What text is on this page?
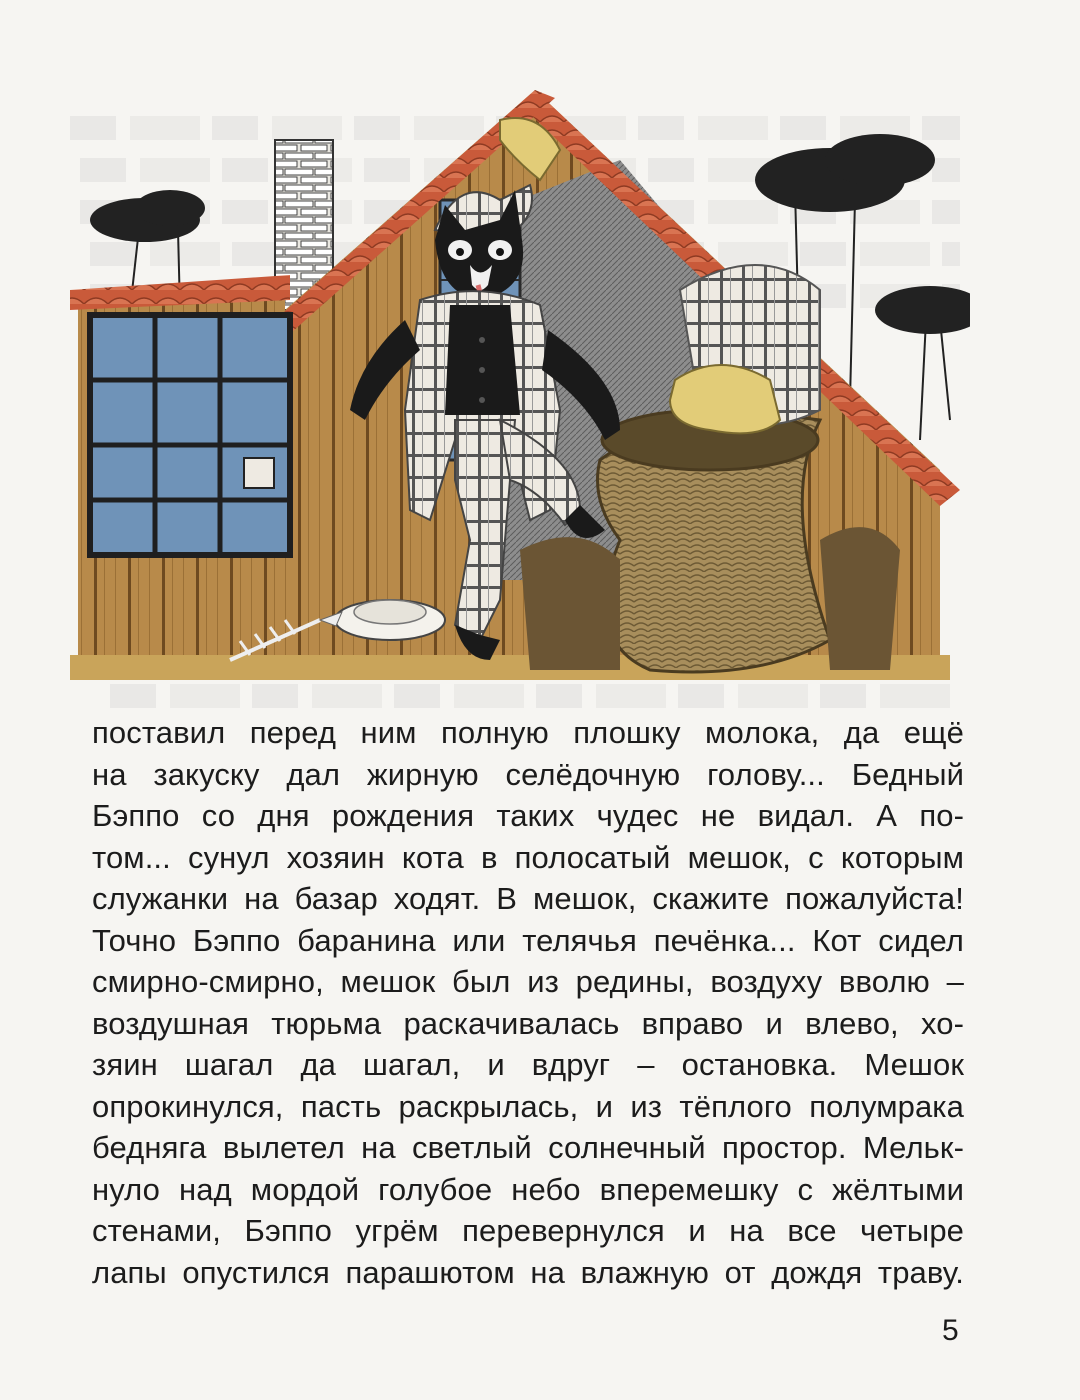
поставил перед ним полную плошку молока, да ещё
на закуску дал жирную селёдочную голову... Бедный
Бэппо со дня рождения таких чудес не видал. А по-
том... сунул хозяин кота в полосатый мешок, с которым
служанки на базар ходят. В мешок, скажите пожалуйста!
Точно Бэппо баранина или телячья печёнка... Кот сидел
смирно-смирно, мешок был из редины, воздуху вволю –
воздушная тюрьма раскачивалась вправо и влево, хо-
зяин шагал да шагал, и вдруг – остановка. Мешок
опрокинулся, пасть раскрылась, и из тёплого полумрака
бедняга вылетел на светлый солнечный простор. Мельк-
нуло над мордой голубое небо вперемешку с жёлтыми
стенами, Бэппо угрём перевернулся и на все четыре
лапы опустился парашютом на влажную от дождя траву.
5
